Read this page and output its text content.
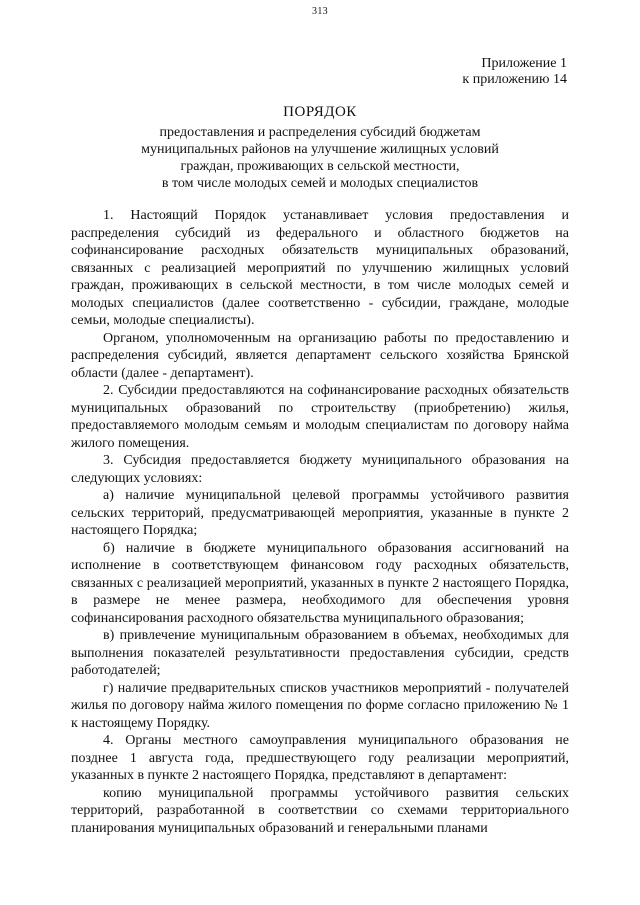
313
Приложение 1
к приложению 14
ПОРЯДОК
предоставления и распределения субсидий бюджетам
муниципальных районов на улучшение жилищных условий
граждан, проживающих в сельской местности,
в том числе молодых семей и молодых специалистов

1. Настоящий Порядок устанавливает условия предоставления и распределения субсидий из федерального и областного бюджетов на софинансирование расходных обязательств муниципальных образований, связанных с реализацией мероприятий по улучшению жилищных условий граждан, проживающих в сельской местности, в том числе молодых семей и молодых специалистов (далее соответственно - субсидии, граждане, молодые семьи, молодые специалисты).

Органом, уполномоченным на организацию работы по предоставлению и распределения субсидий, является департамент сельского хозяйства Брянской области (далее - департамент).

2. Субсидии предоставляются на софинансирование расходных обязательств муниципальных образований по строительству (приобретению) жилья, предоставляемого молодым семьям и молодым специалистам по договору найма жилого помещения.

3. Субсидия предоставляется бюджету муниципального образования на следующих условиях:

а) наличие муниципальной целевой программы устойчивого развития сельских территорий, предусматривающей мероприятия, указанные в пункте 2 настоящего Порядка;

б) наличие в бюджете муниципального образования ассигнований на исполнение в соответствующем финансовом году расходных обязательств, связанных с реализацией мероприятий, указанных в пункте 2 настоящего Порядка, в размере не менее размера, необходимого для обеспечения уровня софинансирования расходного обязательства муниципального образования;

в) привлечение муниципальным образованием в объемах, необходимых для выполнения показателей результативности предоставления субсидии, средств работодателей;

г) наличие предварительных списков участников мероприятий - получателей жилья по договору найма жилого помещения по форме согласно приложению № 1 к настоящему Порядку.

4. Органы местного самоуправления муниципального образования не позднее 1 августа года, предшествующего году реализации мероприятий, указанных в пункте 2 настоящего Порядка, представляют в департамент:

копию муниципальной программы устойчивого развития сельских территорий, разработанной в соответствии со схемами территориального планирования муниципальных образований и генеральными планами
